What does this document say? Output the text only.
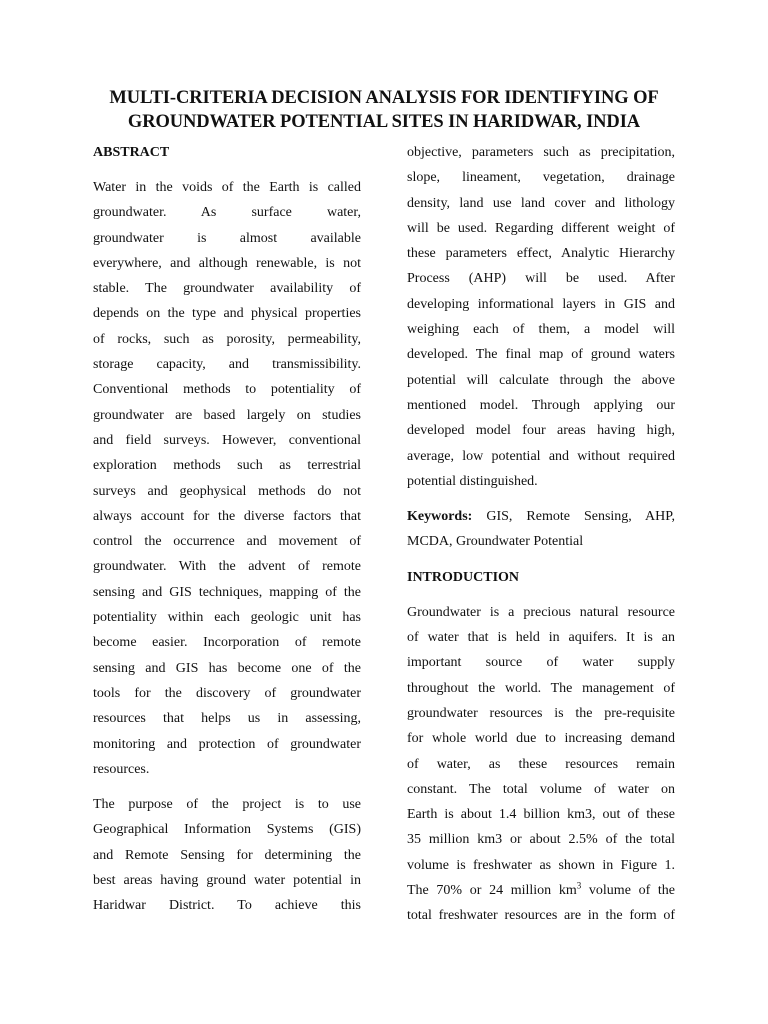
MULTI-CRITERIA DECISION ANALYSIS FOR IDENTIFYING OF
GROUNDWATER POTENTIAL SITES IN HARIDWAR, INDIA

ABSTRACT

Water in the voids of the Earth is called
groundwater. As surface water,
groundwater is almost available
everywhere, and although renewable, is not
stable. The groundwater availability of
depends on the type and physical properties
of rocks, such as porosity, permeability,
storage capacity, and transmissibility.
Conventional methods to potentiality of
groundwater are based largely on studies
and field surveys. However, conventional
exploration methods such as terrestrial
surveys and geophysical methods do not
always account for the diverse factors that
control the occurrence and movement of
groundwater. With the advent of remote
sensing and GIS techniques, mapping of the
potentiality within each geologic unit has
become easier. Incorporation of remote
sensing and GIS has become one of the
tools for the discovery of groundwater
resources that helps us in assessing,
monitoring and protection of groundwater
resources.
The purpose of the project is to use
Geographical Information Systems (GIS)
and Remote Sensing for determining the
best areas having ground water potential in
Haridwar District. To achieve this
objective, parameters such as precipitation,
slope, lineament, vegetation, drainage
density, land use land cover and lithology
will be used. Regarding different weight of
these parameters effect, Analytic Hierarchy
Process (AHP) will be used. After
developing informational layers in GIS and
weighing each of them, a model will
developed. The final map of ground waters
potential will calculate through the above
mentioned model. Through applying our
developed model four areas having high,
average, low potential and without required
potential distinguished.
Keywords: GIS, Remote Sensing, AHP,
MCDA, Groundwater Potential

INTRODUCTION

Groundwater is a precious natural resource
of water that is held in aquifers. It is an
important source of water supply
throughout the world. The management of
groundwater resources is the pre-requisite
for whole world due to increasing demand
of water, as these resources remain
constant. The total volume of water on
Earth is about 1.4 billion km3, out of these
35 million km3 or about 2.5% of the total
volume is freshwater as shown in Figure 1.
The 70% or 24 million $km^3$ volume of the
total freshwater resources are in the form of
